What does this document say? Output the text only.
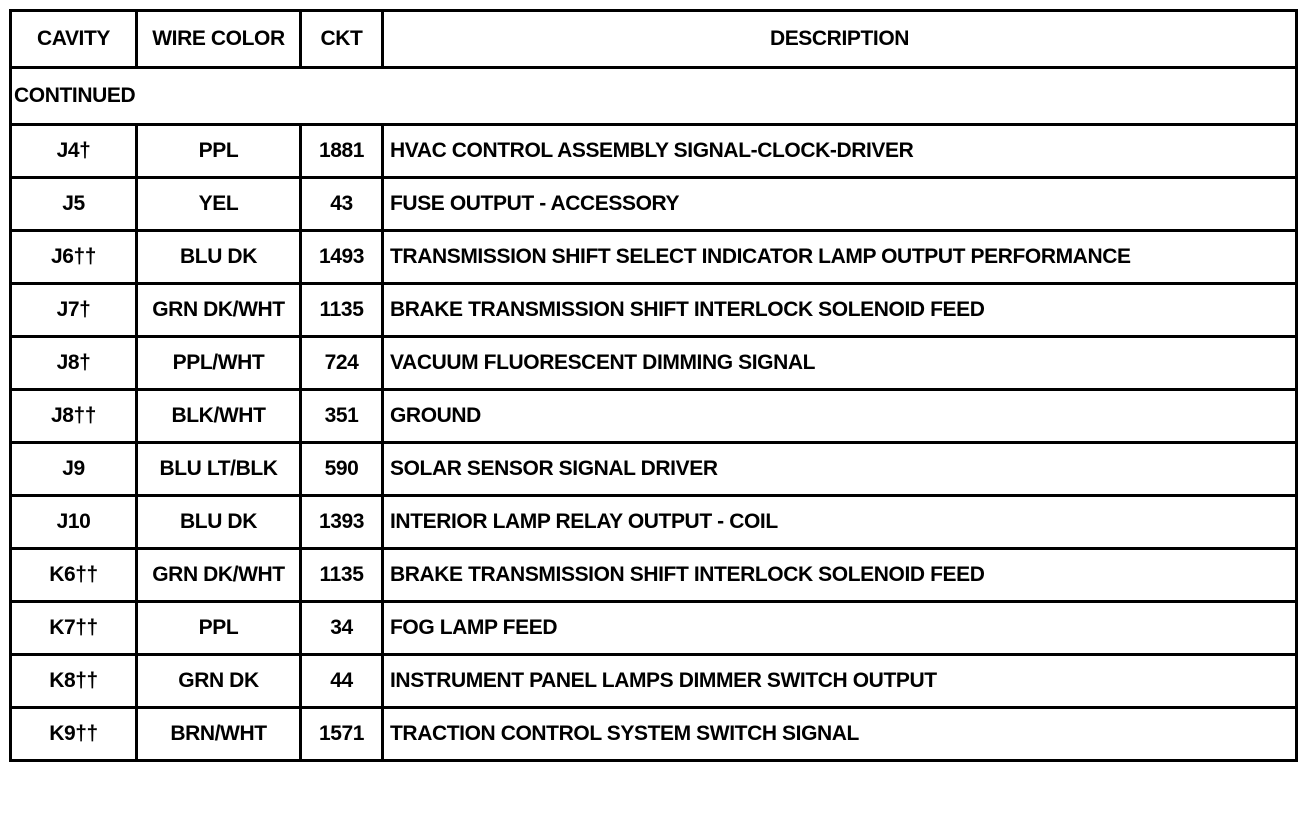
CAVITY	WIRE COLOR	CKT	DESCRIPTION
CONTINUED			
J4†	PPL	1881	HVAC CONTROL ASSEMBLY SIGNAL-CLOCK-DRIVER
J5	YEL	43	FUSE OUTPUT - ACCESSORY
J6††	BLU DK	1493	TRANSMISSION SHIFT SELECT INDICATOR LAMP OUTPUT PERFORMANCE
J7†	GRN DK/WHT	1135	BRAKE TRANSMISSION SHIFT INTERLOCK SOLENOID FEED
J8†	PPL/WHT	724	VACUUM FLUORESCENT DIMMING SIGNAL
J8††	BLK/WHT	351	GROUND
J9	BLU LT/BLK	590	SOLAR SENSOR SIGNAL DRIVER
J10	BLU DK	1393	INTERIOR LAMP RELAY OUTPUT - COIL
K6††	GRN DK/WHT	1135	BRAKE TRANSMISSION SHIFT INTERLOCK SOLENOID FEED
K7††	PPL	34	FOG LAMP FEED
K8††	GRN DK	44	INSTRUMENT PANEL LAMPS DIMMER SWITCH OUTPUT
K9††	BRN/WHT	1571	TRACTION CONTROL SYSTEM SWITCH SIGNAL
